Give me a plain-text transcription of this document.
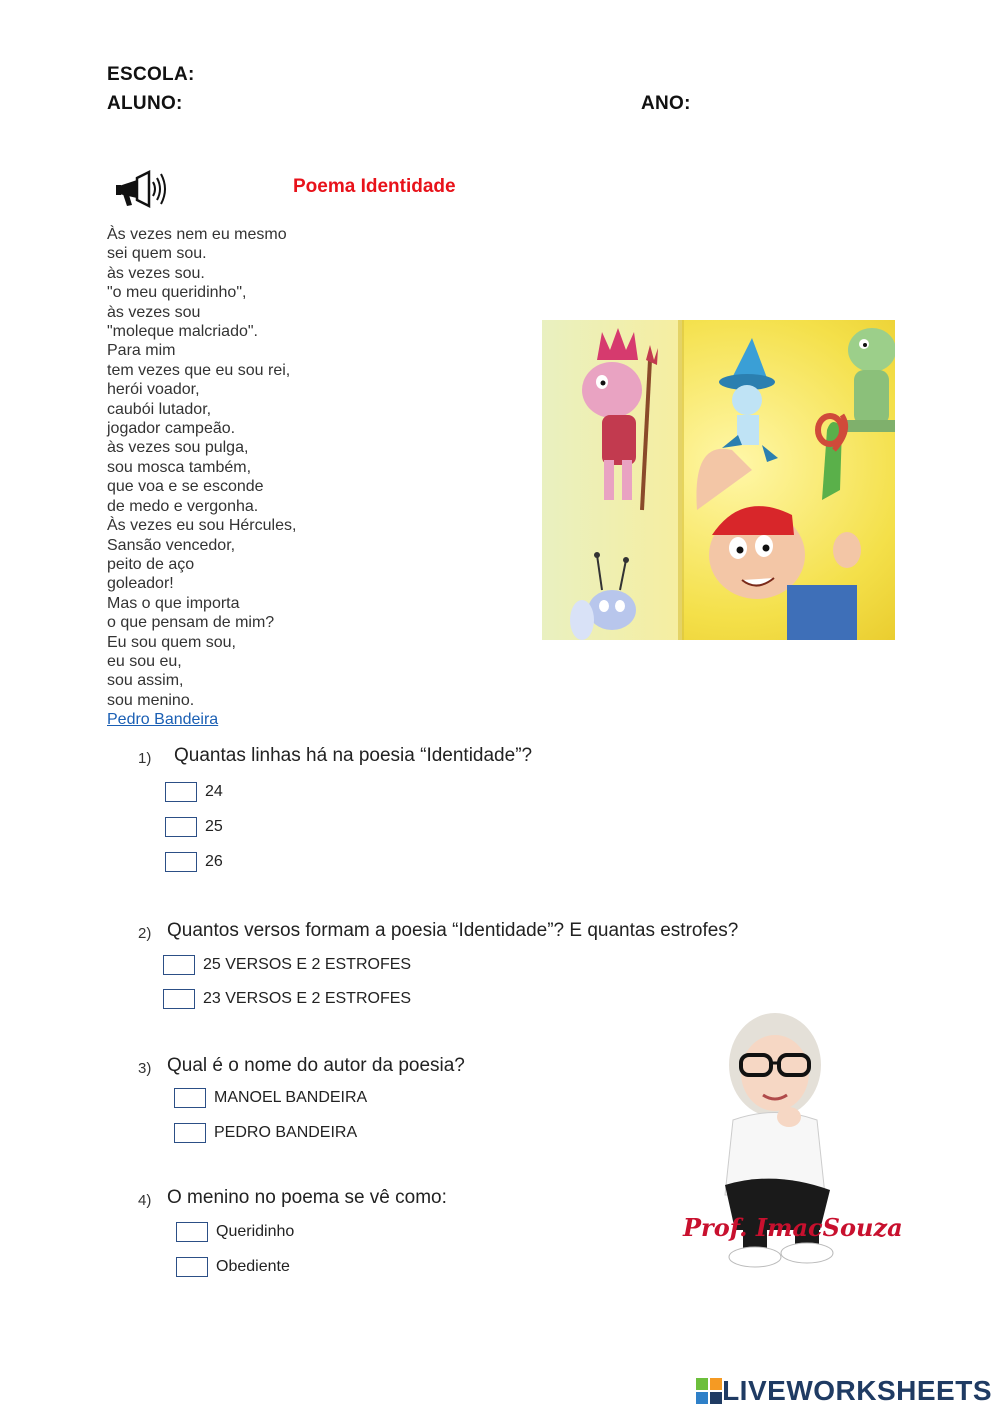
ESCOLA:
ALUNO:	ANO:
Poema Identidade
Às vezes nem eu mesmo
sei quem sou.
às vezes sou.
"o meu queridinho",
às vezes sou
"moleque malcriado".
Para mim
tem vezes que eu sou rei,
herói voador,
caubói lutador,
jogador campeão.
às vezes sou pulga,
sou mosca também,
que voa e se esconde
de medo e vergonha.
Às vezes eu sou Hércules,
Sansão vencedor,
peito de aço
goleador!
Mas o que importa
o que pensam de mim?
Eu sou quem sou,
eu sou eu,
sou assim,
sou menino.
Pedro Bandeira
1) Quantas linhas há na poesia “Identidade”?
24
25
26
2) Quantos versos formam a poesia “Identidade”? E quantas estrofes?
25 VERSOS E 2 ESTROFES
23 VERSOS E 2 ESTROFES
3) Qual é o nome do autor da poesia?
MANOEL BANDEIRA
PEDRO BANDEIRA
4) O menino no poema se vê como:
Queridinho
Obediente
Prof. ImacSouza
LIVEWORKSHEETS
